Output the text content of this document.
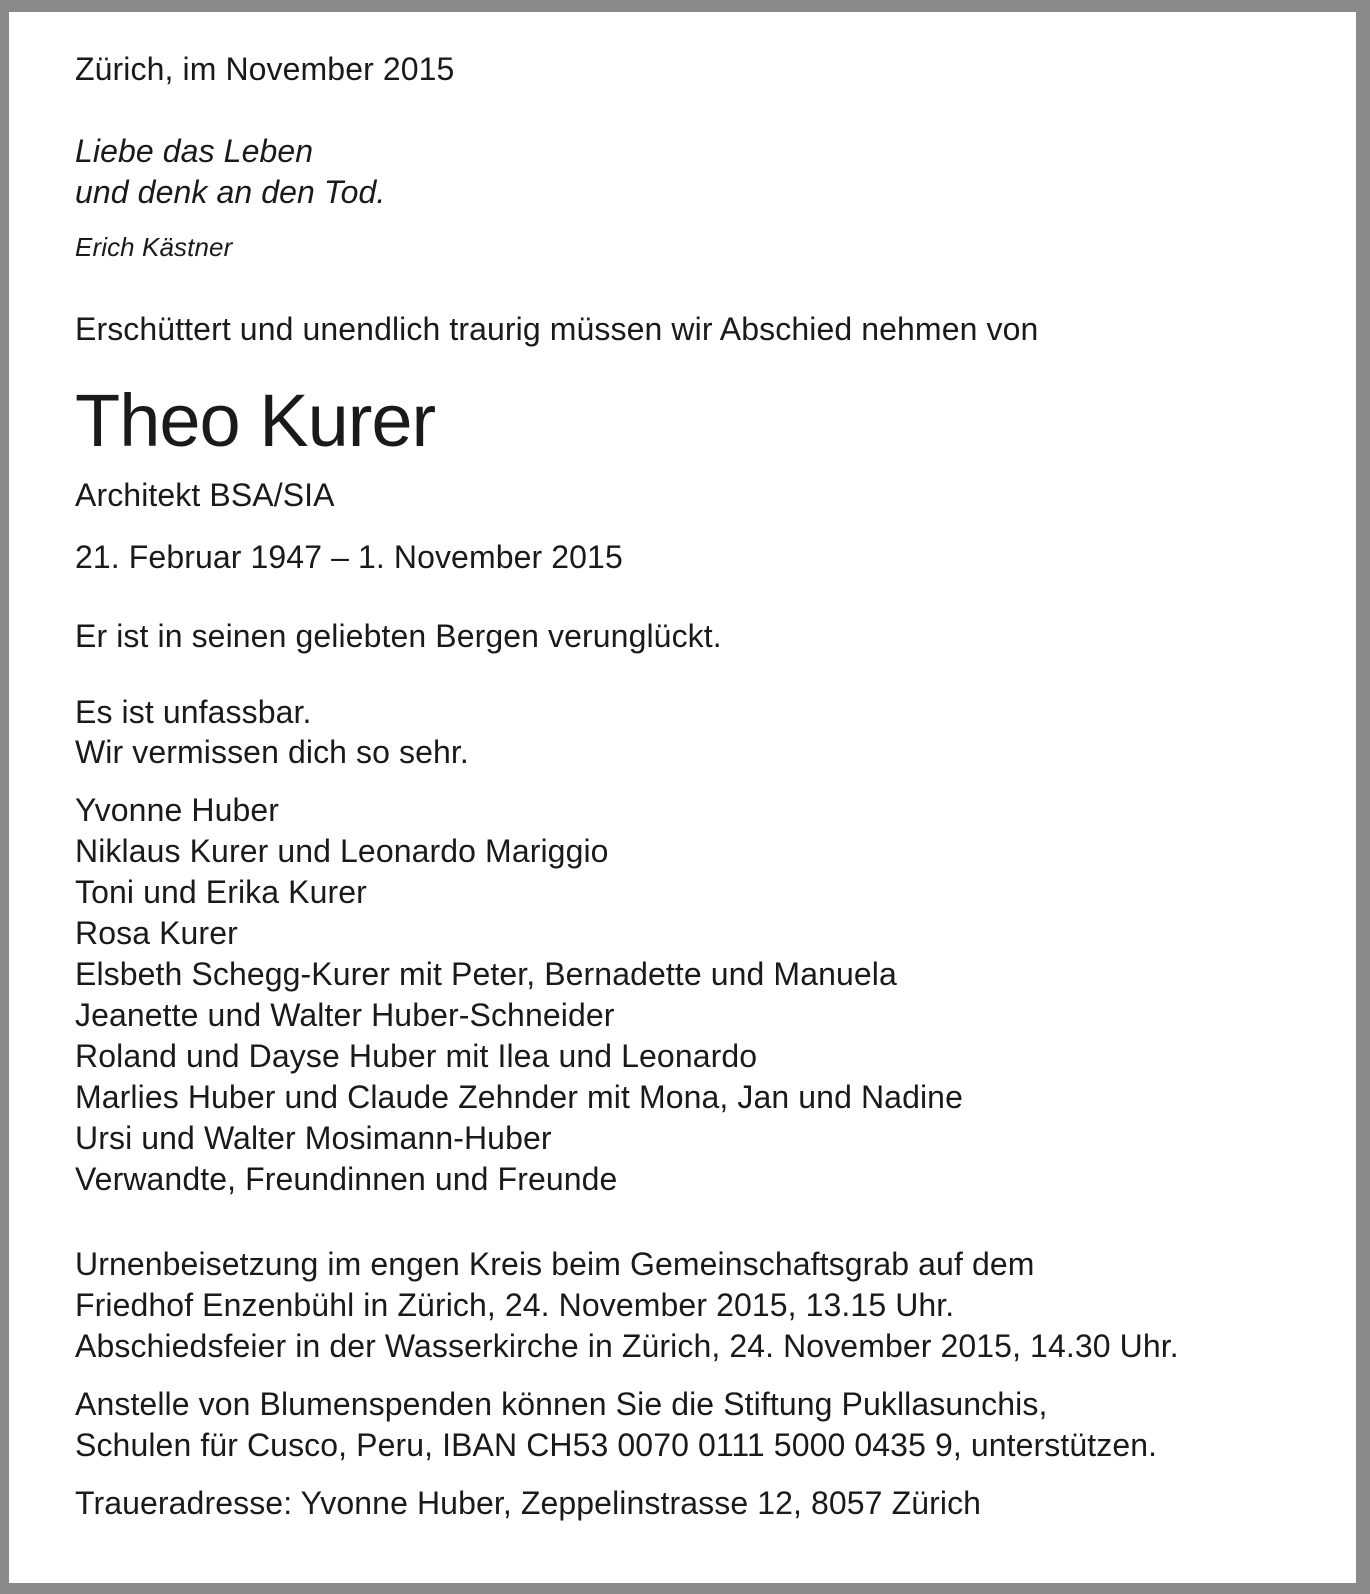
Zürich, im November 2015
Liebe das Leben
und denk an den Tod.
Erich Kästner
Erschüttert und unendlich traurig müssen wir Abschied nehmen von
Theo Kurer
Architekt BSA/SIA
21. Februar 1947 – 1. November 2015
Er ist in seinen geliebten Bergen verunglückt.
Es ist unfassbar.
Wir vermissen dich so sehr.
Yvonne Huber
Niklaus Kurer und Leonardo Mariggio
Toni und Erika Kurer
Rosa Kurer
Elsbeth Schegg-Kurer mit Peter, Bernadette und Manuela
Jeanette und Walter Huber-Schneider
Roland und Dayse Huber mit Ilea und Leonardo
Marlies Huber und Claude Zehnder mit Mona, Jan und Nadine
Ursi und Walter Mosimann-Huber
Verwandte, Freundinnen und Freunde
Urnenbeisetzung im engen Kreis beim Gemeinschaftsgrab auf dem
Friedhof Enzenbühl in Zürich, 24. November 2015, 13.15 Uhr.
Abschiedsfeier in der Wasserkirche in Zürich, 24. November 2015, 14.30 Uhr.
Anstelle von Blumenspenden können Sie die Stiftung Pukllasunchis,
Schulen für Cusco, Peru, IBAN CH53 0070 0111 5000 0435 9, unterstützen.
Traueradresse: Yvonne Huber, Zeppelinstrasse 12, 8057 Zürich
